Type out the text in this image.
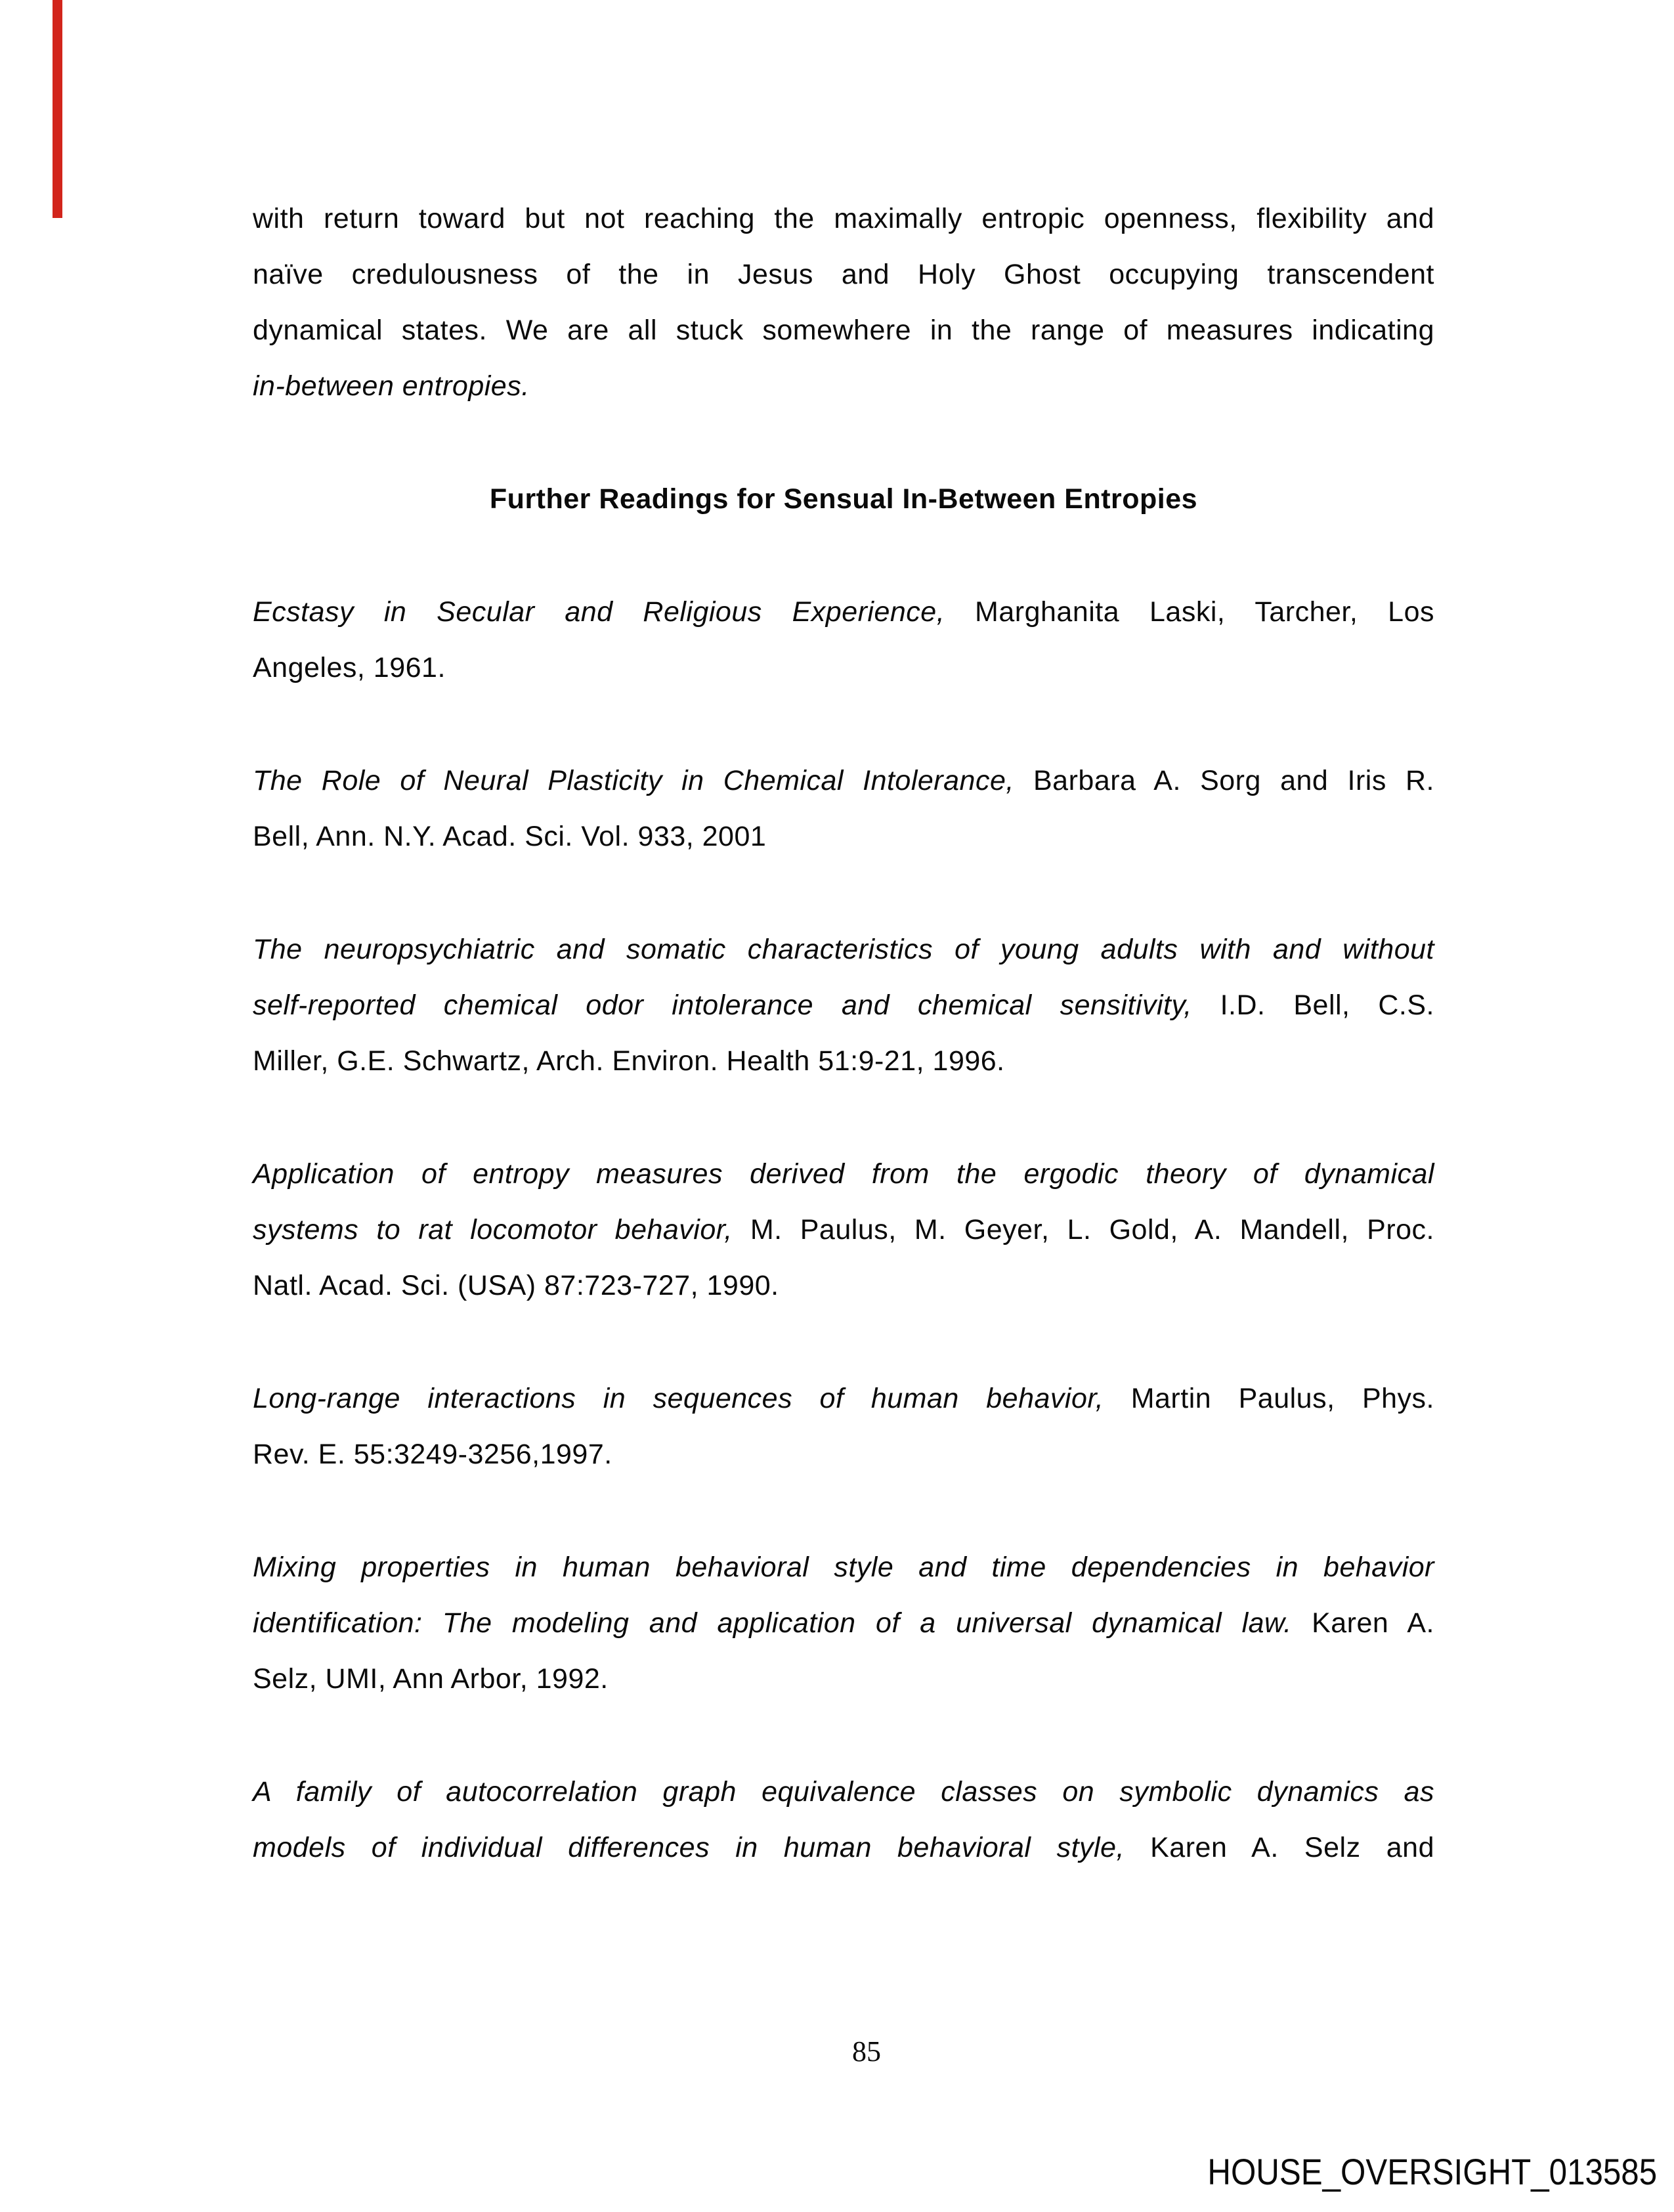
with return toward but not reaching the maximally entropic openness, flexibility and
naïve credulousness of the in Jesus and Holy Ghost occupying transcendent
dynamical states. We are all stuck somewhere in the range of measures indicating
in-between entropies.
Further Readings for Sensual In-Between Entropies
Ecstasy in Secular and Religious Experience, Marghanita Laski, Tarcher, Los
Angeles, 1961.
The Role of Neural Plasticity in Chemical Intolerance, Barbara A. Sorg and Iris R.
Bell, Ann. N.Y. Acad. Sci. Vol. 933, 2001
The neuropsychiatric and somatic characteristics of young adults with and without
self-reported chemical odor intolerance and chemical sensitivity, I.D. Bell, C.S.
Miller, G.E. Schwartz, Arch. Environ. Health 51:9-21, 1996.
Application of entropy measures derived from the ergodic theory of dynamical
systems to rat locomotor behavior, M. Paulus, M. Geyer, L. Gold, A. Mandell, Proc.
Natl. Acad. Sci. (USA) 87:723-727, 1990.
Long-range interactions in sequences of human behavior, Martin Paulus, Phys.
Rev. E. 55:3249-3256,1997.
Mixing properties in human behavioral style and time dependencies in behavior
identification: The modeling and application of a universal dynamical law. Karen A.
Selz, UMI, Ann Arbor, 1992.
A family of autocorrelation graph equivalence classes on symbolic dynamics as
models of individual differences in human behavioral style, Karen A. Selz and
85
HOUSE_OVERSIGHT_013585
